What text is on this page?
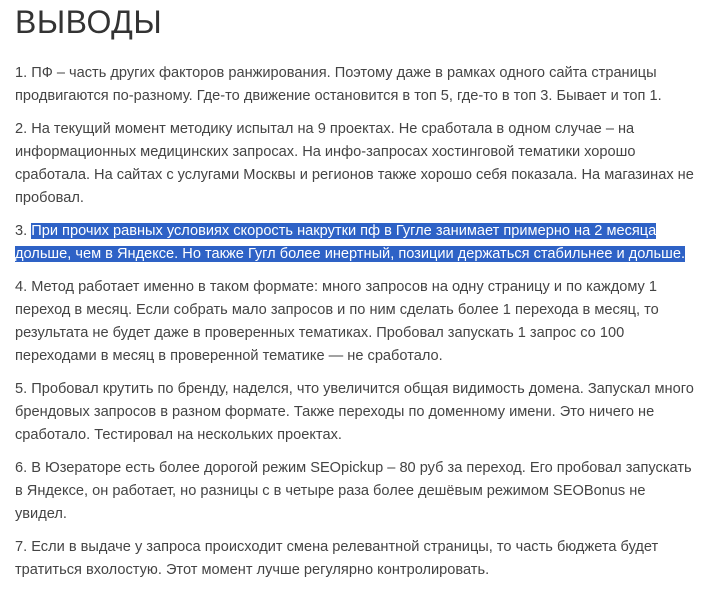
ВЫВОДЫ

1. ПФ – часть других факторов ранжирования. Поэтому даже в рамках одного сайта страницы продвигаются по-разному. Где-то движение остановится в топ 5, где-то в топ 3. Бывает и топ 1.

2. На текущий момент методику испытал на 9 проектах. Не сработала в одном случае – на информационных медицинских запросах. На инфо-запросах хостинговой тематики хорошо сработала. На сайтах с услугами Москвы и регионов также хорошо себя показала. На магазинах не пробовал.

3. При прочих равных условиях скорость накрутки пф в Гугле занимает примерно на 2 месяца дольше, чем в Яндексе. Но также Гугл более инертный, позиции держаться стабильнее и дольше.

4. Метод работает именно в таком формате: много запросов на одну страницу и по каждому 1 переход в месяц. Если собрать мало запросов и по ним сделать более 1 перехода в месяц, то результата не будет даже в проверенных тематиках. Пробовал запускать 1 запрос со 100 переходами в месяц в проверенной тематике — не сработало.

5. Пробовал крутить по бренду, наделся, что увеличится общая видимость домена. Запускал много брендовых запросов в разном формате. Также переходы по доменному имени. Это ничего не сработало. Тестировал на нескольких проектах.

6. В Юзераторе есть более дорогой режим SEOpickup – 80 руб за переход. Его пробовал запускать в Яндексе, он работает, но разницы с в четыре раза более дешёвым режимом SEOBonus не увидел.

7. Если в выдаче у запроса происходит смена релевантной страницы, то часть бюджета будет тратиться вхолостую. Этот момент лучше регулярно контролировать.
